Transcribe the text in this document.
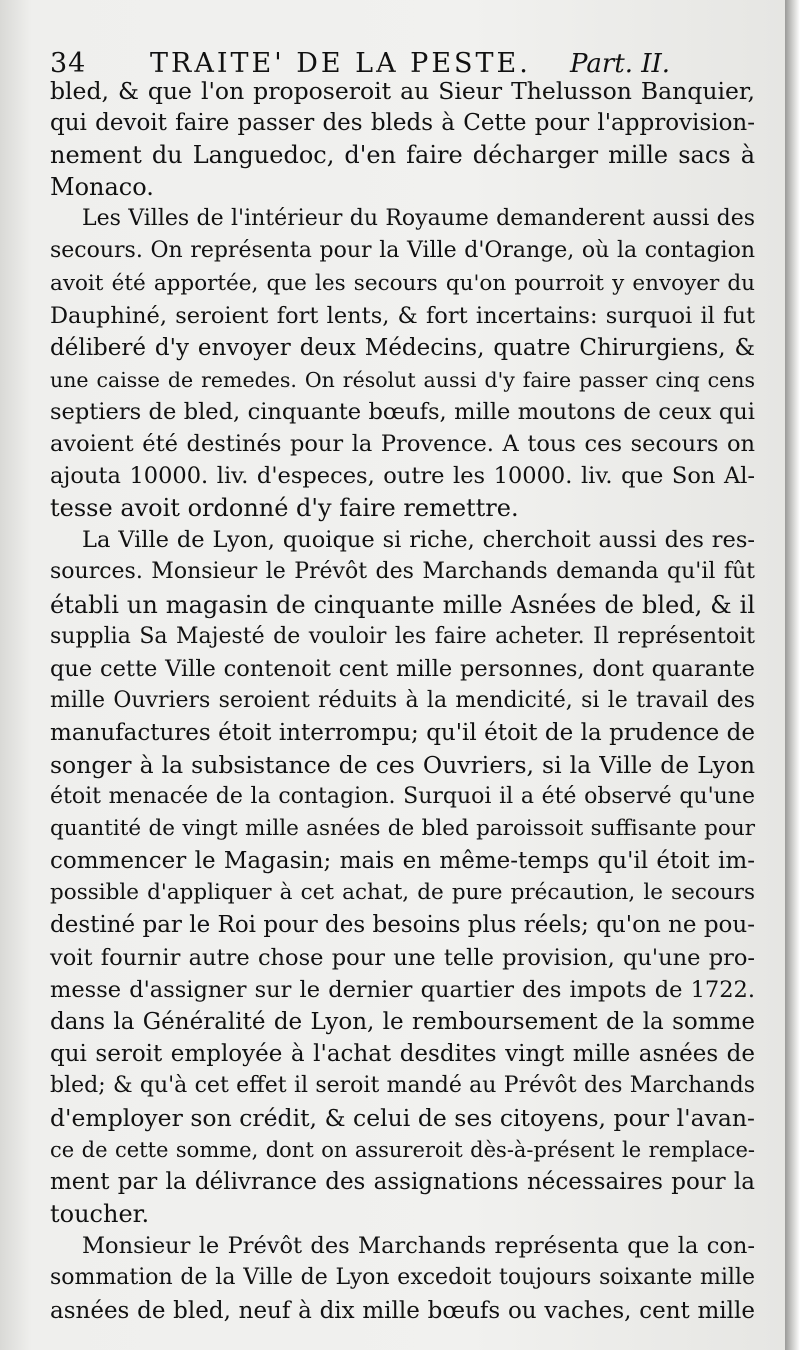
34 TRAITE' DE LA PESTE. Part. II.
bled, & que l'on proposeroit au Sieur Thelusson Banquier,
qui devoit faire passer des bleds à Cette pour l'approvision-
nement du Languedoc, d'en faire décharger mille sacs à
Monaco.
Les Villes de l'intérieur du Royaume demanderent aussi des
secours. On représenta pour la Ville d'Orange, où la contagion
avoit été apportée, que les secours qu'on pourroit y envoyer du
Dauphiné, seroient fort lents, & fort incertains: surquoi il fut
déliberé d'y envoyer deux Médecins, quatre Chirurgiens, &
une caisse de remedes. On résolut aussi d'y faire passer cinq cens
septiers de bled, cinquante bœufs, mille moutons de ceux qui
avoient été destinés pour la Provence. A tous ces secours on
ajouta 10000. liv. d'especes, outre les 10000. liv. que Son Al-
tesse avoit ordonné d'y faire remettre.
La Ville de Lyon, quoique si riche, cherchoit aussi des res-
sources. Monsieur le Prévôt des Marchands demanda qu'il fût
établi un magasin de cinquante mille Asnées de bled, & il
supplia Sa Majesté de vouloir les faire acheter. Il représentoit
que cette Ville contenoit cent mille personnes, dont quarante
mille Ouvriers seroient réduits à la mendicité, si le travail des
manufactures étoit interrompu; qu'il étoit de la prudence de
songer à la subsistance de ces Ouvriers, si la Ville de Lyon
étoit menacée de la contagion. Surquoi il a été observé qu'une
quantité de vingt mille asnées de bled paroissoit suffisante pour
commencer le Magasin; mais en même-temps qu'il étoit im-
possible d'appliquer à cet achat, de pure précaution, le secours
destiné par le Roi pour des besoins plus réels; qu'on ne pou-
voit fournir autre chose pour une telle provision, qu'une pro-
messe d'assigner sur le dernier quartier des impots de 1722.
dans la Généralité de Lyon, le remboursement de la somme
qui seroit employée à l'achat desdites vingt mille asnées de
bled; & qu'à cet effet il seroit mandé au Prévôt des Marchands
d'employer son crédit, & celui de ses citoyens, pour l'avan-
ce de cette somme, dont on assureroit dès-à-présent le remplace-
ment par la délivrance des assignations nécessaires pour la
toucher.
Monsieur le Prévôt des Marchands représenta que la con-
sommation de la Ville de Lyon excedoit toujours soixante mille
asnées de bled, neuf à dix mille bœufs ou vaches, cent mille
